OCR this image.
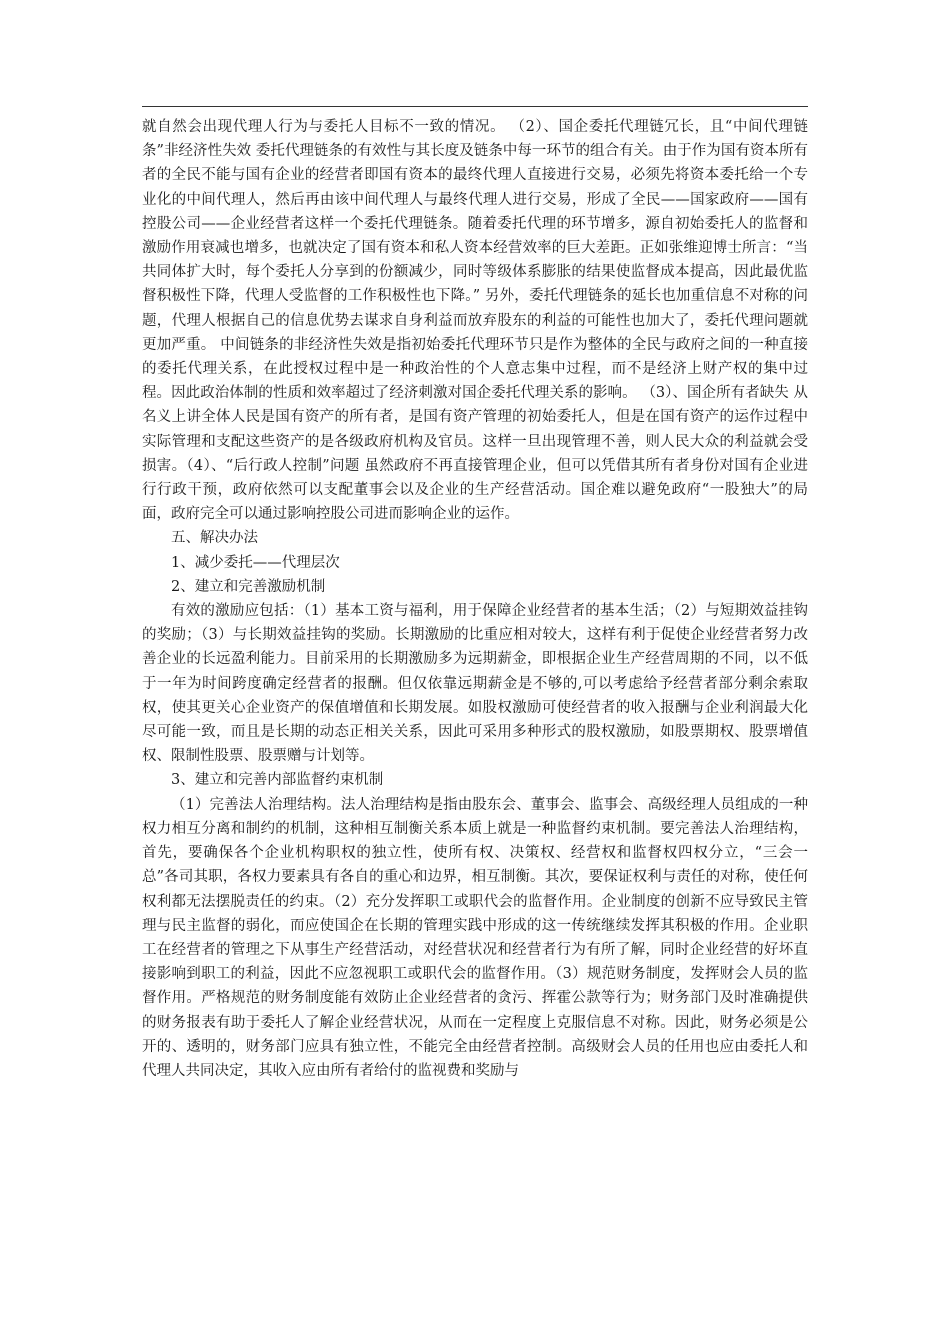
就自然会出现代理人行为与委托人目标不一致的情况。 （2）、国企委托代理链冗长，且“中间代理链条”非经济性失效 委托代理链条的有效性与其长度及链条中每一环节的组合有关。由于作为国有资本所有者的全民不能与国有企业的经营者即国有资本的最终代理人直接进行交易，必须先将资本委托给一个专业化的中间代理人，然后再由该中间代理人与最终代理人进行交易，形成了全民——国家政府——国有控股公司——企业经营者这样一个委托代理链条。随着委托代理的环节增多，源自初始委托人的监督和激励作用衰减也增多，也就决定了国有资本和私人资本经营效率的巨大差距。正如张维迎博士所言：“当共同体扩大时，每个委托人分享到的份额减少，同时等级体系膨胀的结果使监督成本提高，因此最优监督积极性下降，代理人受监督的工作积极性也下降。” 另外，委托代理链条的延长也加重信息不对称的问题，代理人根据自己的信息优势去谋求自身利益而放弃股东的利益的可能性也加大了，委托代理问题就更加严重。 中间链条的非经济性失效是指初始委托代理环节只是作为整体的全民与政府之间的一种直接的委托代理关系，在此授权过程中是一种政治性的个人意志集中过程，而不是经济上财产权的集中过程。因此政治体制的性质和效率超过了经济刺激对国企委托代理关系的影响。 （3）、国企所有者缺失 从名义上讲全体人民是国有资产的所有者，是国有资产管理的初始委托人，但是在国有资产的运作过程中实际管理和支配这些资产的是各级政府机构及官员。这样一旦出现管理不善，则人民大众的利益就会受损害。（4）、“后行政人控制”问题 虽然政府不再直接管理企业，但可以凭借其所有者身份对国有企业进行行政干预，政府依然可以支配董事会以及企业的生产经营活动。国企难以避免政府“一股独大”的局面，政府完全可以通过影响控股公司进而影响企业的运作。

五、解决办法

1、减少委托——代理层次

2、建立和完善激励机制

有效的激励应包括：（1）基本工资与福利，用于保障企业经营者的基本生活；（2）与短期效益挂钩的奖励；（3）与长期效益挂钩的奖励。长期激励的比重应相对较大，这样有利于促使企业经营者努力改善企业的长远盈利能力。目前采用的长期激励多为远期薪金，即根据企业生产经营周期的不同，以不低于一年为时间跨度确定经营者的报酬。但仅依靠远期薪金是不够的,可以考虑给予经营者部分剩余索取权，使其更关心企业资产的保值增值和长期发展。如股权激励可使经营者的收入报酬与企业利润最大化尽可能一致，而且是长期的动态正相关关系，因此可采用多种形式的股权激励，如股票期权、股票增值权、限制性股票、股票赠与计划等。

3、建立和完善内部监督约束机制

（1）完善法人治理结构。法人治理结构是指由股东会、董事会、监事会、高级经理人员组成的一种权力相互分离和制约的机制，这种相互制衡关系本质上就是一种监督约束机制。要完善法人治理结构，首先，要确保各个企业机构职权的独立性，使所有权、决策权、经营权和监督权四权分立，“三会一总”各司其职，各权力要素具有各自的重心和边界，相互制衡。其次，要保证权利与责任的对称，使任何权利都无法摆脱责任的约束。（2）充分发挥职工或职代会的监督作用。企业制度的创新不应导致民主管理与民主监督的弱化，而应使国企在长期的管理实践中形成的这一传统继续发挥其积极的作用。企业职工在经营者的管理之下从事生产经营活动，对经营状况和经营者行为有所了解，同时企业经营的好坏直接影响到职工的利益，因此不应忽视职工或职代会的监督作用。（3）规范财务制度，发挥财会人员的监督作用。严格规范的财务制度能有效防止企业经营者的贪污、挥霍公款等行为；财务部门及时准确提供的财务报表有助于委托人了解企业经营状况，从而在一定程度上克服信息不对称。因此，财务必须是公开的、透明的，财务部门应具有独立性，不能完全由经营者控制。高级财会人员的任用也应由委托人和代理人共同决定，其收入应由所有者给付的监视费和奖励与
